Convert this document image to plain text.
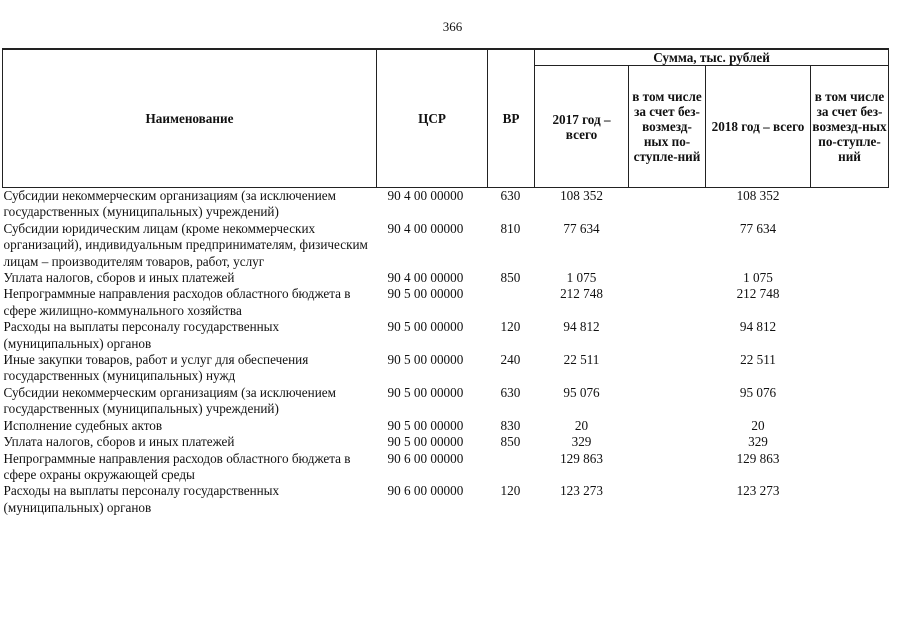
366
Наименование	ЦСР	ВР	Сумма, тыс. рублей			
			2017 год – всего	в том числе за счет без-возмезд-ных по-ступле-ний	2018 год – всего	в том числе за счет без-возмезд-ных по-ступле-ний
Субсидии некоммерческим организациям (за исключением государственных (муниципальных) учреждений)	90 4 00 00000	630	108 352		108 352	
Субсидии юридическим лицам (кроме некоммерческих организаций), индивидуальным предпринимателям, физическим лицам – производителям товаров, работ, услуг	90 4 00 00000	810	77 634		77 634	
Уплата налогов, сборов и иных платежей	90 4 00 00000	850	1 075		1 075	
Непрограммные направления расходов областного бюджета в сфере жилищно-коммунального хозяйства	90 5 00 00000		212 748		212 748	
Расходы на выплаты персоналу государственных (муниципальных) органов	90 5 00 00000	120	94 812		94 812	
Иные закупки товаров, работ и услуг для обеспечения государственных (муниципальных) нужд	90 5 00 00000	240	22 511		22 511	
Субсидии некоммерческим организациям (за исключением государственных (муниципальных) учреждений)	90 5 00 00000	630	95 076		95 076	
Исполнение судебных актов	90 5 00 00000	830	20		20	
Уплата налогов, сборов и иных платежей	90 5 00 00000	850	329		329	
Непрограммные направления расходов областного бюджета в сфере охраны окружающей среды	90 6 00 00000		129 863		129 863	
Расходы на выплаты персоналу государственных (муниципальных) органов	90 6 00 00000	120	123 273		123 273	
